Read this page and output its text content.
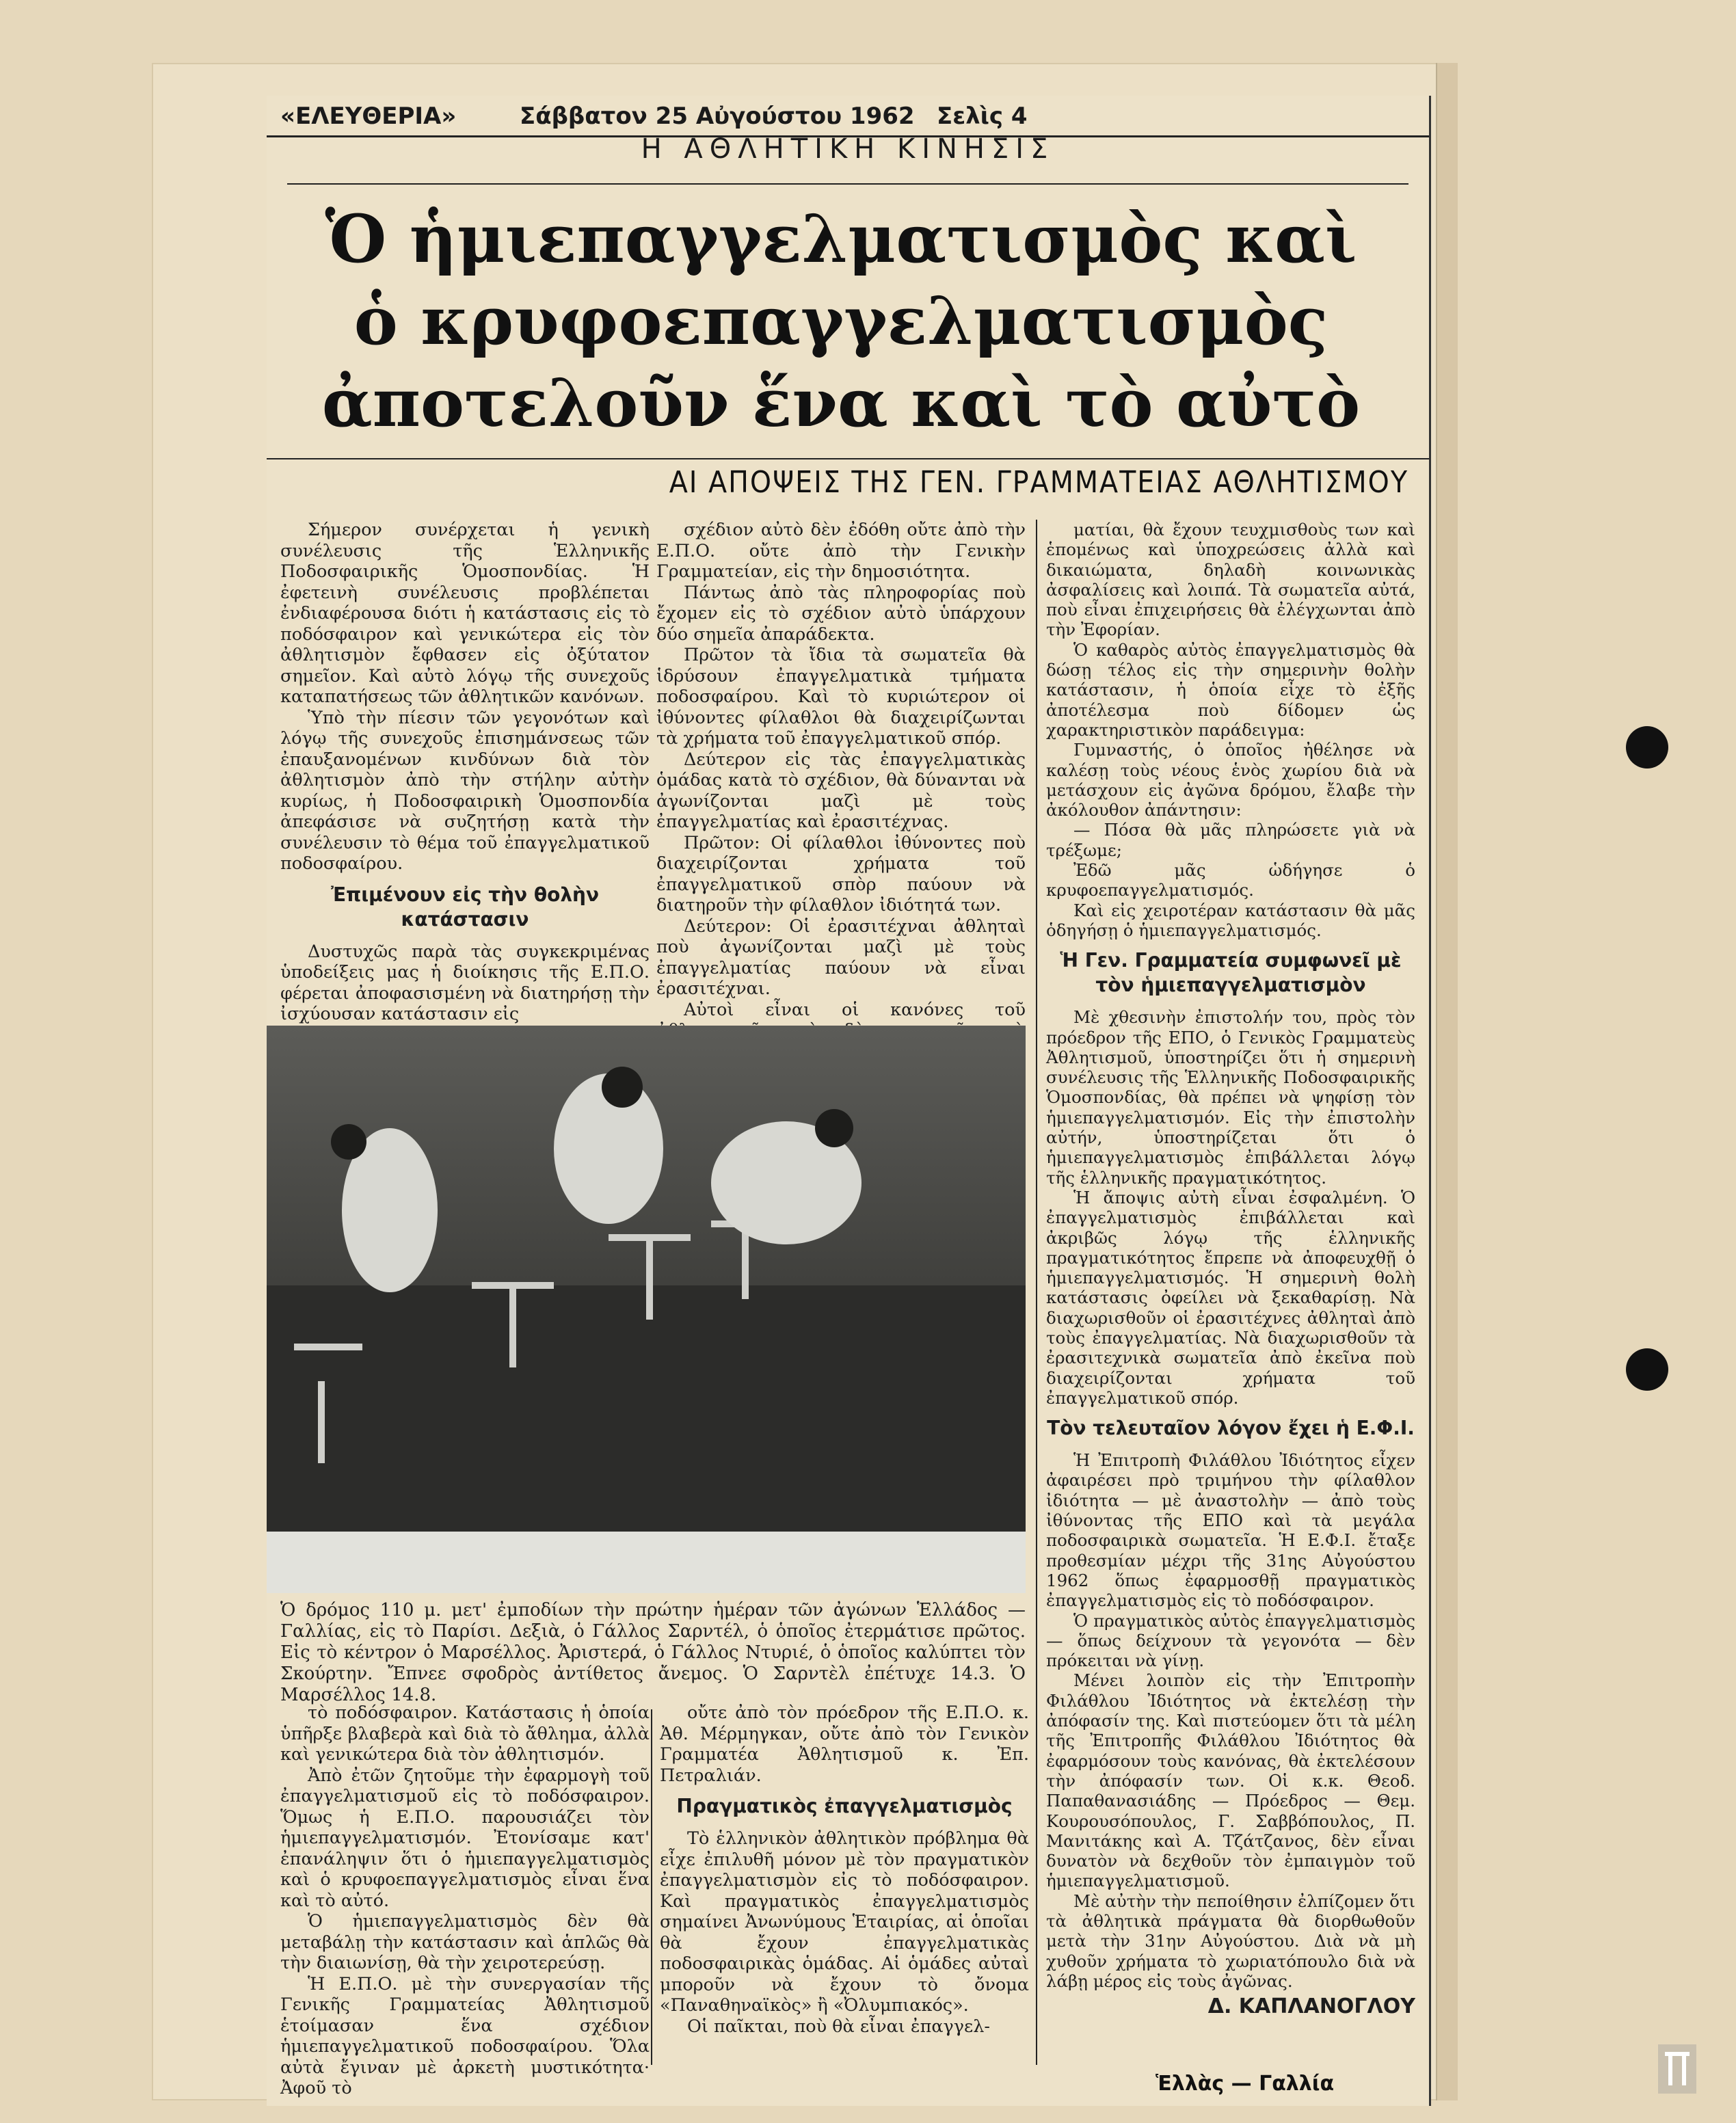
«ΕΛΕΥΘΕΡΙΑ»	Σάββατον 25 Αὐγούστου 1962 Σελὶς 4
Η ΑΘΛΗΤΙΚΗ ΚΙΝΗΣΙΣ
Ὁ ἡμιεπαγγελματισμὸς καὶ
ὁ κρυφοεπαγγελματισμὸς
ἀποτελοῦν ἕνα καὶ τὸ αὐτὸ
ΑΙ ΑΠΟΨΕΙΣ ΤΗΣ ΓΕΝ. ΓΡΑΜΜΑΤΕΙΑΣ ΑΘΛΗΤΙΣΜΟΥ

Σήμερον συνέρχεται ἡ γενικὴ συνέλευσις τῆς Ἑλληνικῆς Ποδοσφαιρικῆς Ὁμοσπονδίας. Ἡ ἐφετεινὴ συνέλευσις προβλέπεται ἐνδιαφέρουσα διότι ἡ κατάστασις εἰς τὸ ποδόσφαιρον καὶ γενικώτερα εἰς τὸν ἀθλητισμὸν ἔφθασεν εἰς ὀξύτατον σημεῖον. Καὶ αὐτὸ λόγῳ τῆς συνεχοῦς καταπατήσεως τῶν ἀθλητικῶν κανόνων.

Ὑπὸ τὴν πίεσιν τῶν γεγονότων καὶ λόγῳ τῆς συνεχοῦς ἐπισημάνσεως τῶν ἐπαυξανομένων κινδύνων διὰ τὸν ἀθλητισμὸν ἀπὸ τὴν στήλην αὐτὴν κυρίως, ἡ Ποδοσφαιρικὴ Ὁμοσπονδία ἀπεφάσισε νὰ συζητήσῃ κατὰ τὴν συνέλευσιν τὸ θέμα τοῦ ἐπαγγελματικοῦ ποδοσφαίρου.

Ἐπιμένουν εἰς τὴν θολὴν κατάστασιν

Δυστυχῶς παρὰ τὰς συγκεκριμένας ὑποδείξεις μας ἡ διοίκησις τῆς Ε.Π.Ο. φέρεται ἀποφασισμένη νὰ διατηρήσῃ τὴν ἰσχύουσαν κατάστασιν εἰς

σχέδιον αὐτὸ δὲν ἐδόθη οὔτε ἀπὸ τὴν Ε.Π.Ο. οὔτε ἀπὸ τὴν Γενικὴν Γραμματείαν, εἰς τὴν δημοσιότητα.

Πάντως ἀπὸ τὰς πληροφορίας ποὺ ἔχομεν εἰς τὸ σχέδιον αὐτὸ ὑπάρχουν δύο σημεῖα ἀπαράδεκτα.

Πρῶτον τὰ ἴδια τὰ σωματεῖα θὰ ἱδρύσουν ἐπαγγελματικὰ τμήματα ποδοσφαίρου. Καὶ τὸ κυριώτερον οἱ ἰθύνοντες φίλαθλοι θὰ διαχειρίζωνται τὰ χρήματα τοῦ ἐπαγγελματικοῦ σπόρ.

Δεύτερον εἰς τὰς ἐπαγγελματικὰς ὁμάδας κατὰ τὸ σχέδιον, θὰ δύνανται νὰ ἀγωνίζονται μαζὶ μὲ τοὺς ἐπαγγελματίας καὶ ἐρασιτέχνας.

Πρῶτον: Οἱ φίλαθλοι ἰθύνοντες ποὺ διαχειρίζονται χρήματα τοῦ ἐπαγγελματικοῦ σπὸρ παύουν νὰ διατηροῦν τὴν φίλαθλον ἰδιότητά των.

Δεύτερον: Οἱ ἐρασιτέχναι ἀθληταὶ ποὺ ἀγωνίζονται μαζὶ μὲ τοὺς ἐπαγγελματίας παύουν νὰ εἶναι ἐρασιτέχναι.

Αὐτοὶ εἶναι οἱ κανόνες τοῦ

ματίαι, θὰ ἔχουν τευχμισθοὺς των καὶ ἑπομένως καὶ ὑποχρεώσεις ἀλλὰ καὶ δικαιώματα, δηλαδὴ κοινωνικὰς ἀσφαλίσεις καὶ λοιπά. Τὰ σωματεῖα αὐτά, ποὺ εἶναι ἐπιχειρήσεις θὰ ἐλέγχωνται ἀπὸ τὴν Ἐφορίαν.

Ὁ καθαρὸς αὐτὸς ἐπαγγελματισμὸς θὰ δώσῃ τέλος εἰς τὴν σημερινὴν θολὴν κατάστασιν, ἡ ὁποία εἶχε τὸ ἐξῆς ἀποτέλεσμα ποὺ δίδομεν ὡς χαρακτηριστικὸν παράδειγμα:

Γυμναστής, ὁ ὁποῖος ἠθέλησε νὰ καλέσῃ τοὺς νέους ἑνὸς χωρίου διὰ νὰ μετάσχουν εἰς ἀγῶνα δρόμου, ἔλαβε τὴν ἀκόλουθον ἀπάντησιν:

— Πόσα θὰ μᾶς πληρώσετε γιὰ νὰ τρέξωμε;

Ἐδῶ μᾶς ὡδήγησε ὁ κρυφοεπαγγελματισμός.

Καὶ εἰς χειροτέραν κατάστασιν θὰ μᾶς ὁδηγήσῃ ὁ ἡμιεπαγγελματισμός.

Ἡ Γεν. Γραμματεία συμφωνεῖ μὲ τὸν ἡμιεπαγγελματισμὸν

Μὲ χθεσινὴν ἐπιστολήν του, πρὸς τὸν πρόεδρον τῆς ΕΠΟ, ὁ Γενικὸς Γραμματεὺς Ἀθλητισμοῦ, ὑποστηρίζει ὅτι ἡ σημερινὴ συνέλευσις τῆς Ἑλληνικῆς Ποδοσφαιρικῆς Ὁμοσπονδίας, θὰ πρέπει νὰ ψηφίσῃ τὸν ἡμιεπαγγελματισμόν. Εἰς τὴν ἐπιστολὴν αὐτήν, ὑποστηρίζεται ὅτι ὁ ἡμιεπαγγελματισμὸς ἐπιβάλλεται λόγῳ τῆς ἑλληνικῆς πραγματικότητος.

Ἡ ἄποψις αὐτὴ εἶναι ἐσφαλμένη. Ὁ ἐπαγγελματισμὸς ἐπιβάλλεται καὶ ἀκριβῶς λόγῳ τῆς ἑλληνικῆς πραγματικότητος ἔπρεπε νὰ ἀποφευχθῇ ὁ ἡμιεπαγγελματισμός. Ἡ σημερινὴ θολὴ κατάστασις ὀφείλει νὰ ξεκαθαρίσῃ. Νὰ διαχωρισθοῦν οἱ ἐρασιτέχνες ἀθληταὶ ἀπὸ τοὺς ἐπαγγελματίας. Νὰ διαχωρισθοῦν τὰ ἐρασιτεχνικὰ σωματεῖα ἀπὸ ἐκεῖνα ποὺ διαχειρίζονται χρήματα τοῦ ἐπαγγελματικοῦ σπόρ.

Τὸν τελευταῖον λόγον ἔχει ἡ Ε.Φ.Ι.

Ἡ Ἐπιτροπὴ Φιλάθλου Ἰδιότητος εἶχεν ἀφαιρέσει πρὸ τριμήνου τὴν φίλαθλον ἰδιότητα — μὲ ἀναστολὴν — ἀπὸ τοὺς ἰθύνοντας τῆς ΕΠΟ καὶ τὰ μεγάλα ποδοσφαιρικὰ σωματεῖα. Ἡ Ε.Φ.Ι. ἔταξε προθεσμίαν μέχρι τῆς 31ης Αὐγούστου 1962 ὅπως ἐφαρμοσθῇ πραγματικὸς ἐπαγγελματισμὸς εἰς τὸ ποδόσφαιρον.

Ὁ πραγματικὸς αὐτὸς ἐπαγγελματισμὸς — ὅπως δείχνουν τὰ γεγονότα — δὲν πρόκειται νὰ γίνῃ.

Μένει λοιπὸν εἰς τὴν Ἐπιτροπὴν Φιλάθλου Ἰδιότητος νὰ ἐκτελέσῃ τὴν ἀπόφασίν της. Καὶ πιστεύομεν ὅτι τὰ μέλη τῆς Ἐπιτροπῆς Φιλάθλου Ἰδιότητος θὰ ἐφαρμόσουν τοὺς κανόνας, θὰ ἐκτελέσουν τὴν ἀπόφασίν των. Οἱ κ.κ. Θεοδ. Παπαθανασιάδης — Πρόεδρος — Θεμ. Κουρουσόπουλος, Γ. Σαββόπουλος, Π. Μανιτάκης καὶ Α. Τζάτζανος, δὲν εἶναι δυνατὸν νὰ δεχθοῦν τὸν ἐμπαιγμὸν τοῦ ἡμιεπαγγελματισμοῦ.

Μὲ αὐτὴν τὴν πεποίθησιν ἐλπίζομεν ὅτι τὰ ἀθλητικὰ πράγματα θὰ διορθωθοῦν μετὰ τὴν 31ην Αὐγούστου. Διὰ νὰ μὴ χυθοῦν χρήματα τὸ χωριατόπουλο διὰ νὰ λάβῃ μέρος εἰς τοὺς ἀγῶνας.

Δ. ΚΑΠΛΑΝΟΓΛΟΥ

Ὁ δρόμος 110 μ. μετ' ἐμποδίων τὴν πρώτην ἡμέραν τῶν ἀγώνων Ἑλλάδος — Γαλλίας, εἰς τὸ Παρίσι. Δεξιὰ, ὁ Γάλλος Σαρντέλ, ὁ ὁποῖος ἐτερμάτισε πρῶτος. Εἰς τὸ κέντρον ὁ Μαρσέλλος. Ἀριστερά, ὁ Γάλλος Ντυριέ, ὁ ὁποῖος καλύπτει τὸν Σκούρτην. Ἔπνεε σφοδρὸς ἀντίθετος ἄνεμος. Ὁ Σαρντὲλ ἐπέτυχε 14.3. Ὁ Μαρσέλλος 14.8.

τὸ ποδόσφαιρον. Κατάστασις ἡ ὁποία ὑπῆρξε βλαβερὰ καὶ διὰ τὸ ἄθλημα, ἀλλὰ καὶ γενικώτερα διὰ τὸν ἀθλητισμόν.

Ἀπὸ ἐτῶν ζητοῦμε τὴν ἐφαρμογὴ τοῦ ἐπαγγελματισμοῦ εἰς τὸ ποδόσφαιρον. Ὅμως ἡ Ε.Π.Ο. παρουσιάζει τὸν ἡμιεπαγγελματισμόν. Ἐτονίσαμε κατ' ἐπανάληψιν ὅτι ὁ ἡμιεπαγγελματισμὸς καὶ ὁ κρυφοεπαγγελματισμὸς εἶναι ἕνα καὶ τὸ αὐτό.

Ὁ ἡμιεπαγγελματισμὸς δὲν θὰ μεταβάλῃ τὴν κατάστασιν καὶ ἁπλῶς θὰ τὴν διαιωνίσῃ, θὰ τὴν χειροτερεύσῃ.

Ἡ Ε.Π.Ο. μὲ τὴν συνεργασίαν τῆς Γενικῆς Γραμματείας Ἀθλητισμοῦ ἑτοίμασαν ἕνα σχέδιον ἡμιεπαγγελματικοῦ ποδοσφαίρου. Ὅλα αὐτὰ ἔγιναν μὲ ἀρκετὴ μυστικότητα· Ἀφοῦ τὸ

οὔτε ἀπὸ τὸν πρόεδρον τῆς Ε.Π.Ο. κ. Ἀθ. Μέρμηγκαν, οὔτε ἀπὸ τὸν Γενικὸν Γραμματέα Ἀθλητισμοῦ κ. Ἐπ. Πετραλιάν.

Πραγματικὸς ἐπαγγελματισμὸς

Τὸ ἑλληνικὸν ἀθλητικὸν πρόβλημα θὰ εἶχε ἐπιλυθῆ μόνον μὲ τὸν πραγματικὸν ἐπαγγελματισμὸν εἰς τὸ ποδόσφαιρον. Καὶ πραγματικὸς ἐπαγγελματισμὸς σημαίνει Ἀνωνύμους Ἑταιρίας, αἱ ὁποῖαι θὰ ἔχουν ἐπαγγελματικὰς ποδοσφαιρικὰς ὁμάδας. Αἱ ὁμάδες αὐταὶ μποροῦν νὰ ἔχουν τὸ ὄνομα «Παναθηναϊκὸς» ἢ «Ὀλυμπιακός».

Οἱ παῖκται, ποὺ θὰ εἶναι ἐπαγγελ-

Ἑλλὰς — Γαλλία
